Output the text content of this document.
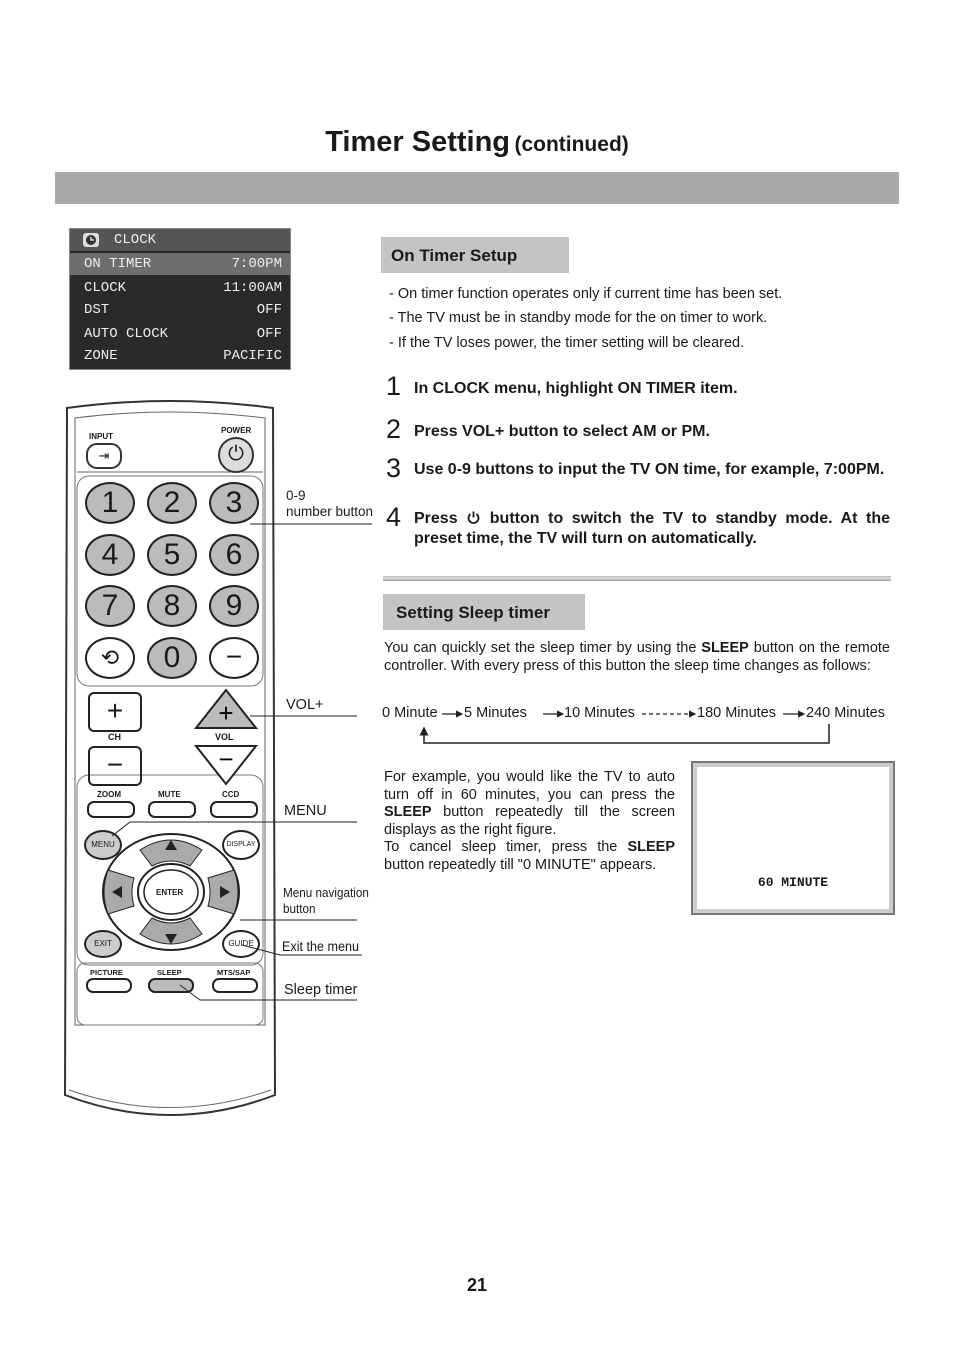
Timer Setting (continued)
CLOCK
ON TIMER	7:00PM
CLOCK	11:00AM
DST	OFF
AUTO CLOCK	OFF
ZONE	PACIFIC
On Timer Setup
- On timer function operates only if current time has been set.
- The TV must be in standby mode for the on timer to work.
- If the TV loses power, the timer setting will be cleared.
1 In CLOCK menu, highlight ON TIMER item.
2 Press VOL+ button to select AM or PM.
3 Use 0-9 buttons to input the TV ON time, for example, 7:00PM.
4 Press button to switch the TV to standby mode. At the preset time, the TV will turn on automatically.
Setting Sleep timer
You can quickly set the sleep timer by using the SLEEP button on the remote controller. With every press of this button the sleep time changes as follows:
0 Minute 5 Minutes	10 Minutes	180 Minutes 240 Minutes
For example, you would like the TV to auto turn off in 60 minutes, you can press the SLEEP button repeatedly till the screen displays as the right figure.
To cancel sleep timer, press the SLEEP button repeatedly till "0 MINUTE" appears.
60 MINUTE
INPUT
⇥
POWER
⏻
1	2	3
4	5	6
7	8	9
⟲	0	−
+
CH
−
+
−
VOL
ZOOM	MUTE	CCD
MENU	DISPLAY
ENTER
EXIT	GUIDE
PICTURE	SLEEP	MTS/SAP
0-9
number button
VOL+
MENU
Menu navigation
button
Exit the menu
Sleep timer
21
